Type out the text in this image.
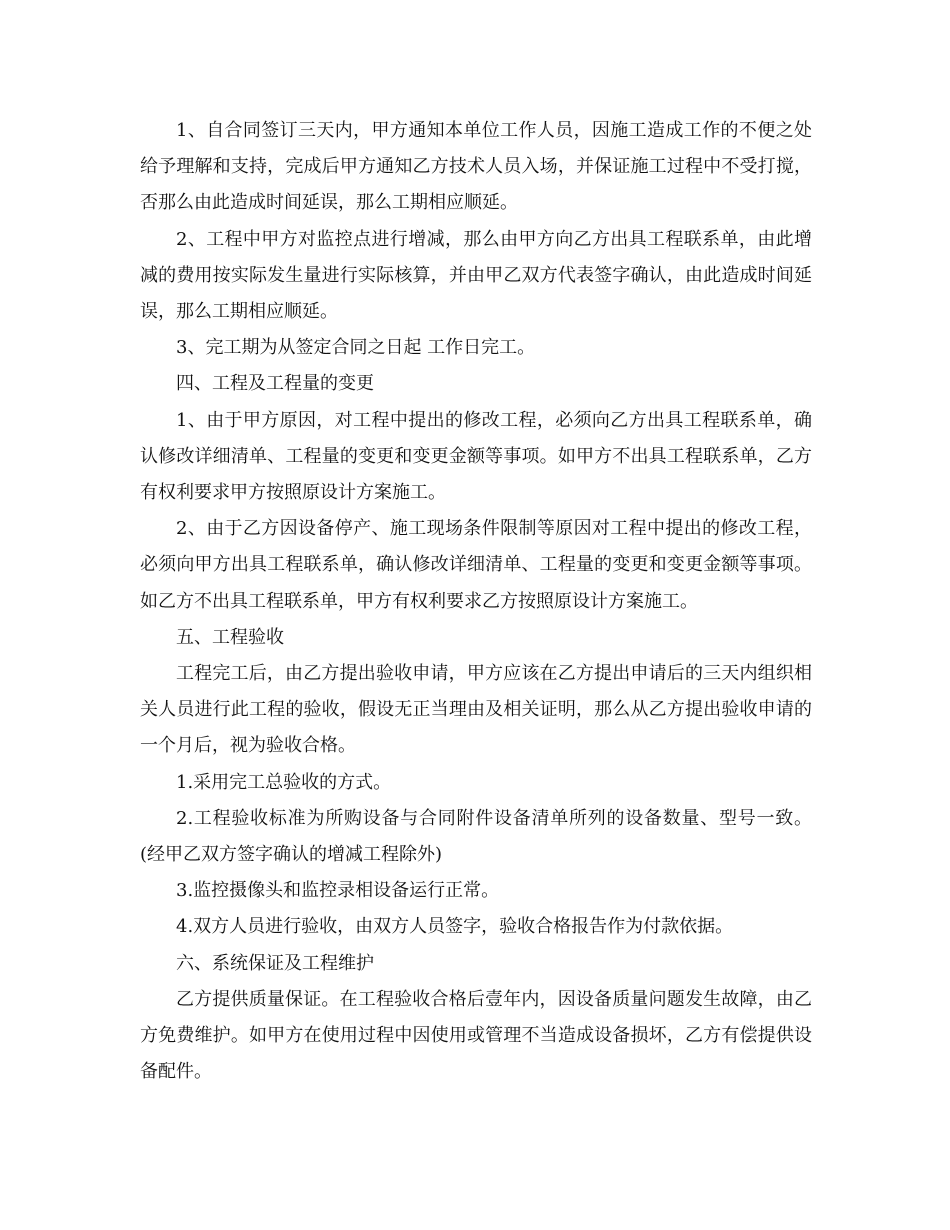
1、自合同签订三天内，甲方通知本单位工作人员，因施工造成工作的不便之处给予理解和支持，完成后甲方通知乙方技术人员入场，并保证施工过程中不受打搅，否那么由此造成时间延误，那么工期相应顺延。

2、工程中甲方对监控点进行增减，那么由甲方向乙方出具工程联系单，由此增减的费用按实际发生量进行实际核算，并由甲乙双方代表签字确认，由此造成时间延误，那么工期相应顺延。

3、完工期为从签定合同之日起 工作日完工。

四、工程及工程量的变更

1、由于甲方原因，对工程中提出的修改工程，必须向乙方出具工程联系单，确认修改详细清单、工程量的变更和变更金额等事项。如甲方不出具工程联系单，乙方有权利要求甲方按照原设计方案施工。

2、由于乙方因设备停产、施工现场条件限制等原因对工程中提出的修改工程，必须向甲方出具工程联系单，确认修改详细清单、工程量的变更和变更金额等事项。如乙方不出具工程联系单，甲方有权利要求乙方按照原设计方案施工。

五、工程验收

工程完工后，由乙方提出验收申请，甲方应该在乙方提出申请后的三天内组织相关人员进行此工程的验收，假设无正当理由及相关证明，那么从乙方提出验收申请的一个月后，视为验收合格。

1.采用完工总验收的方式。

2.工程验收标准为所购设备与合同附件设备清单所列的设备数量、型号一致。(经甲乙双方签字确认的增减工程除外)

3.监控摄像头和监控录相设备运行正常。

4.双方人员进行验收，由双方人员签字，验收合格报告作为付款依据。

六、系统保证及工程维护

乙方提供质量保证。在工程验收合格后壹年内，因设备质量问题发生故障，由乙方免费维护。如甲方在使用过程中因使用或管理不当造成设备损坏，乙方有偿提供设备配件。
